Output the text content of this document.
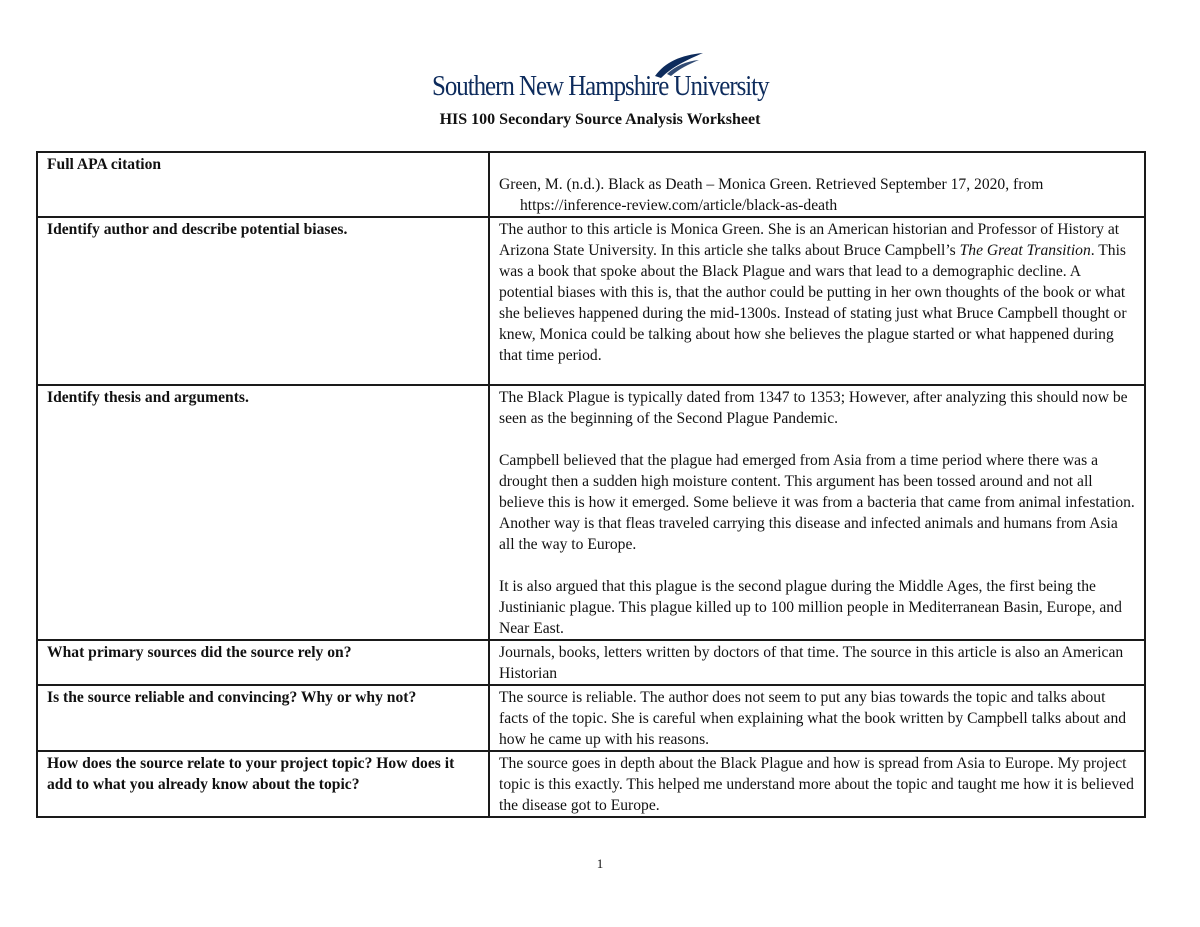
Southern New Hampshire University
HIS 100 Secondary Source Analysis Worksheet
Full APA citation	Green, M. (n.d.). Black as Death – Monica Green. Retrieved September 17, 2020, from
https://inference-review.com/article/black-as-death

Identify author and describe potential biases.	The author to this article is Monica Green. She is an American historian and Professor of History at Arizona State University. In this article she talks about Bruce Campbell’s The Great Transition. This was a book that spoke about the Black Plague and wars that lead to a demographic decline. A potential biases with this is, that the author could be putting in her own thoughts of the book or what she believes happened during the mid-1300s. Instead of stating just what Bruce Campbell thought or knew, Monica could be talking about how she believes the plague started or what happened during that time period.
Identify thesis and arguments.	The Black Plague is typically dated from 1347 to 1353; However, after analyzing this should now be seen as the beginning of the Second Plague Pandemic.

Campbell believed that the plague had emerged from Asia from a time period where there was a drought then a sudden high moisture content. This argument has been tossed around and not all believe this is how it emerged. Some believe it was from a bacteria that came from animal infestation. Another way is that fleas traveled carrying this disease and infected animals and humans from Asia all the way to Europe.

It is also argued that this plague is the second plague during the Middle Ages, the first being the Justinianic plague. This plague killed up to 100 million people in Mediterranean Basin, Europe, and Near East.

What primary sources did the source rely on?	Journals, books, letters written by doctors of that time. The source in this article is also an American Historian
Is the source reliable and convincing? Why or why not?	The source is reliable. The author does not seem to put any bias towards the topic and talks about facts of the topic. She is careful when explaining what the book written by Campbell talks about and how he came up with his reasons.
How does the source relate to your project topic? How does it add to what you already know about the topic?	The source goes in depth about the Black Plague and how is spread from Asia to Europe. My project topic is this exactly. This helped me understand more about the topic and taught me how it is believed the disease got to Europe.
1
